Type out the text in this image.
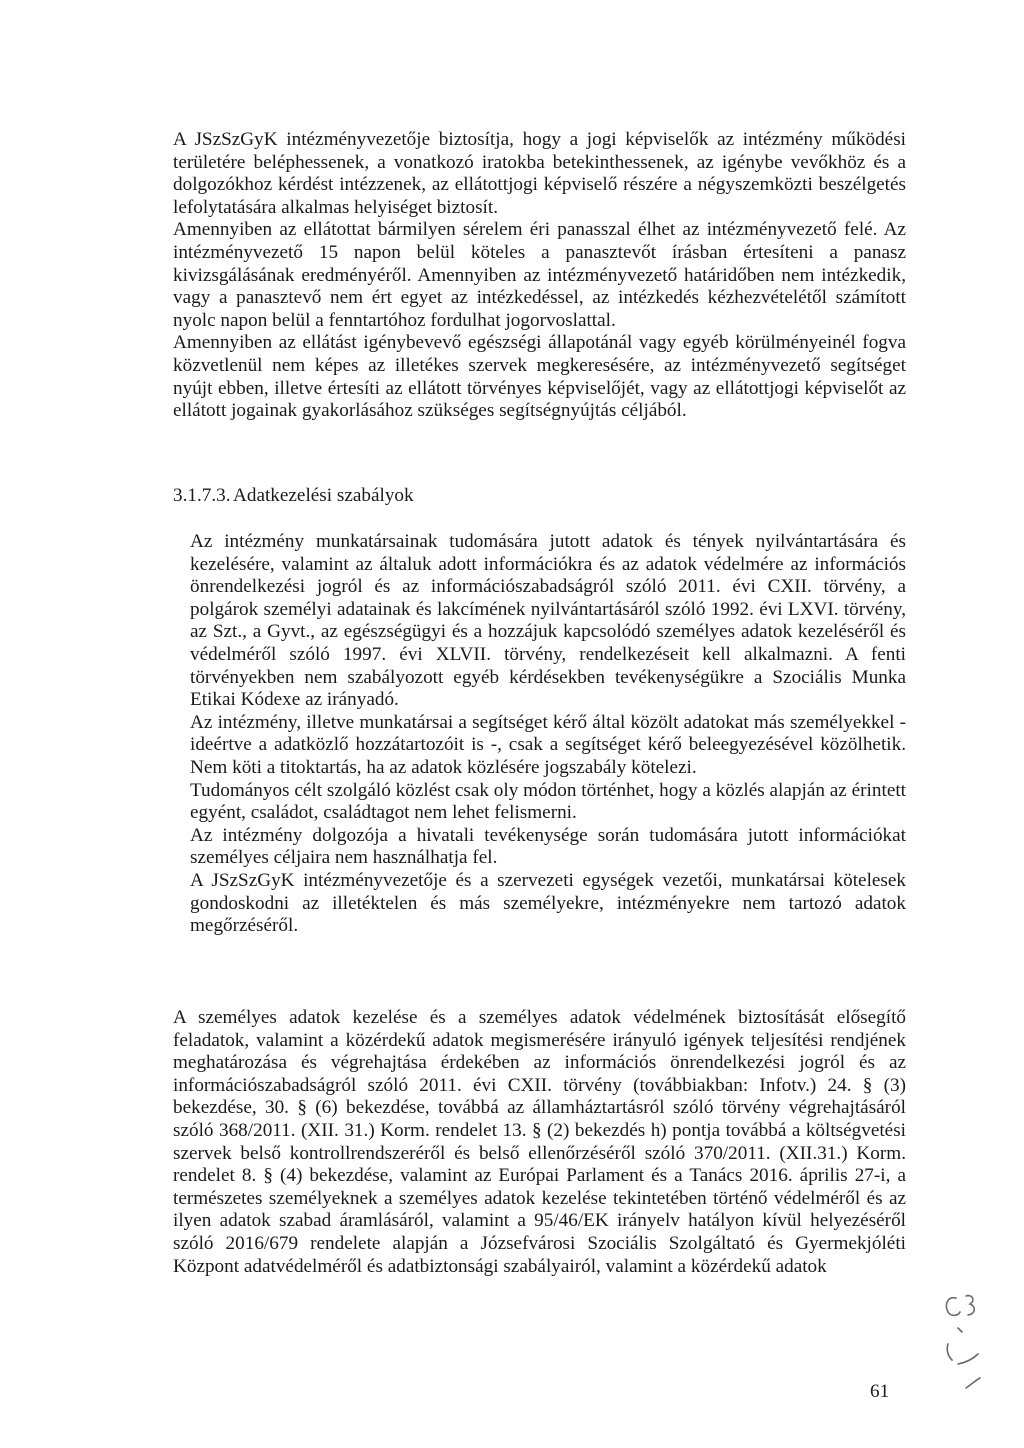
A JSzSzGyK intézményvezetője biztosítja, hogy a jogi képviselők az intézmény működési területére beléphessenek, a vonatkozó iratokba betekinthessenek, az igénybe vevőkhöz és a dolgozókhoz kérdést intézzenek, az ellátottjogi képviselő részére a négyszemközti beszélgetés lefolytatására alkalmas helyiséget biztosít.

Amennyiben az ellátottat bármilyen sérelem éri panasszal élhet az intézményvezető felé. Az intézményvezető 15 napon belül köteles a panasztevőt írásban értesíteni a panasz kivizsgálásának eredményéről. Amennyiben az intézményvezető határidőben nem intézkedik, vagy a panasztevő nem ért egyet az intézkedéssel, az intézkedés kézhezvételétől számított nyolc napon belül a fenntartóhoz fordulhat jogorvoslattal.

Amennyiben az ellátást igénybevevő egészségi állapotánál vagy egyéb körülményeinél fogva közvetlenül nem képes az illetékes szervek megkeresésére, az intézményvezető segítséget nyújt ebben, illetve értesíti az ellátott törvényes képviselőjét, vagy az ellátottjogi képviselőt az ellátott jogainak gyakorlásához szükséges segítségnyújtás céljából.

3.1.7.3. Adatkezelési szabályok

Az intézmény munkatársainak tudomására jutott adatok és tények nyilvántartására és kezelésére, valamint az általuk adott információkra és az adatok védelmére az információs önrendelkezési jogról és az információszabadságról szóló 2011. évi CXII. törvény, a polgárok személyi adatainak és lakcímének nyilvántartásáról szóló 1992. évi LXVI. törvény, az Szt., a Gyvt., az egészségügyi és a hozzájuk kapcsolódó személyes adatok kezeléséről és védelméről szóló 1997. évi XLVII. törvény, rendelkezéseit kell alkalmazni. A fenti törvényekben nem szabályozott egyéb kérdésekben tevékenységükre a Szociális Munka Etikai Kódexe az irányadó.

Az intézmény, illetve munkatársai a segítséget kérő által közölt adatokat más személyekkel - ideértve a adatközlő hozzátartozóit is -, csak a segítséget kérő beleegyezésével közölhetik. Nem köti a titoktartás, ha az adatok közlésére jogszabály kötelezi.

Tudományos célt szolgáló közlést csak oly módon történhet, hogy a közlés alapján az érintett egyént, családot, családtagot nem lehet felismerni.

Az intézmény dolgozója a hivatali tevékenysége során tudomására jutott információkat személyes céljaira nem használhatja fel.

A JSzSzGyK intézményvezetője és a szervezeti egységek vezetői, munkatársai kötelesek gondoskodni az illetéktelen és más személyekre, intézményekre nem tartozó adatok megőrzéséről.

A személyes adatok kezelése és a személyes adatok védelmének biztosítását elősegítő feladatok, valamint a közérdekű adatok megismerésére irányuló igények teljesítési rendjének meghatározása és végrehajtása érdekében az információs önrendelkezési jogról és az információszabadságról szóló 2011. évi CXII. törvény (továbbiakban: Infotv.) 24. § (3) bekezdése, 30. § (6) bekezdése, továbbá az államháztartásról szóló törvény végrehajtásáról szóló 368/2011. (XII. 31.) Korm. rendelet 13. § (2) bekezdés h) pontja továbbá a költségvetési szervek belső kontrollrendszeréről és belső ellenőrzéséről szóló 370/2011. (XII.31.) Korm. rendelet 8. § (4) bekezdése, valamint az Európai Parlament és a Tanács 2016. április 27-i, a természetes személyeknek a személyes adatok kezelése tekintetében történő védelméről és az ilyen adatok szabad áramlásáról, valamint a 95/46/EK irányelv hatályon kívül helyezéséről szóló 2016/679 rendelete alapján a Józsefvárosi Szociális Szolgáltató és Gyermekjóléti Központ adatvédelméről és adatbiztonsági szabályairól, valamint a közérdekű adatok

61
